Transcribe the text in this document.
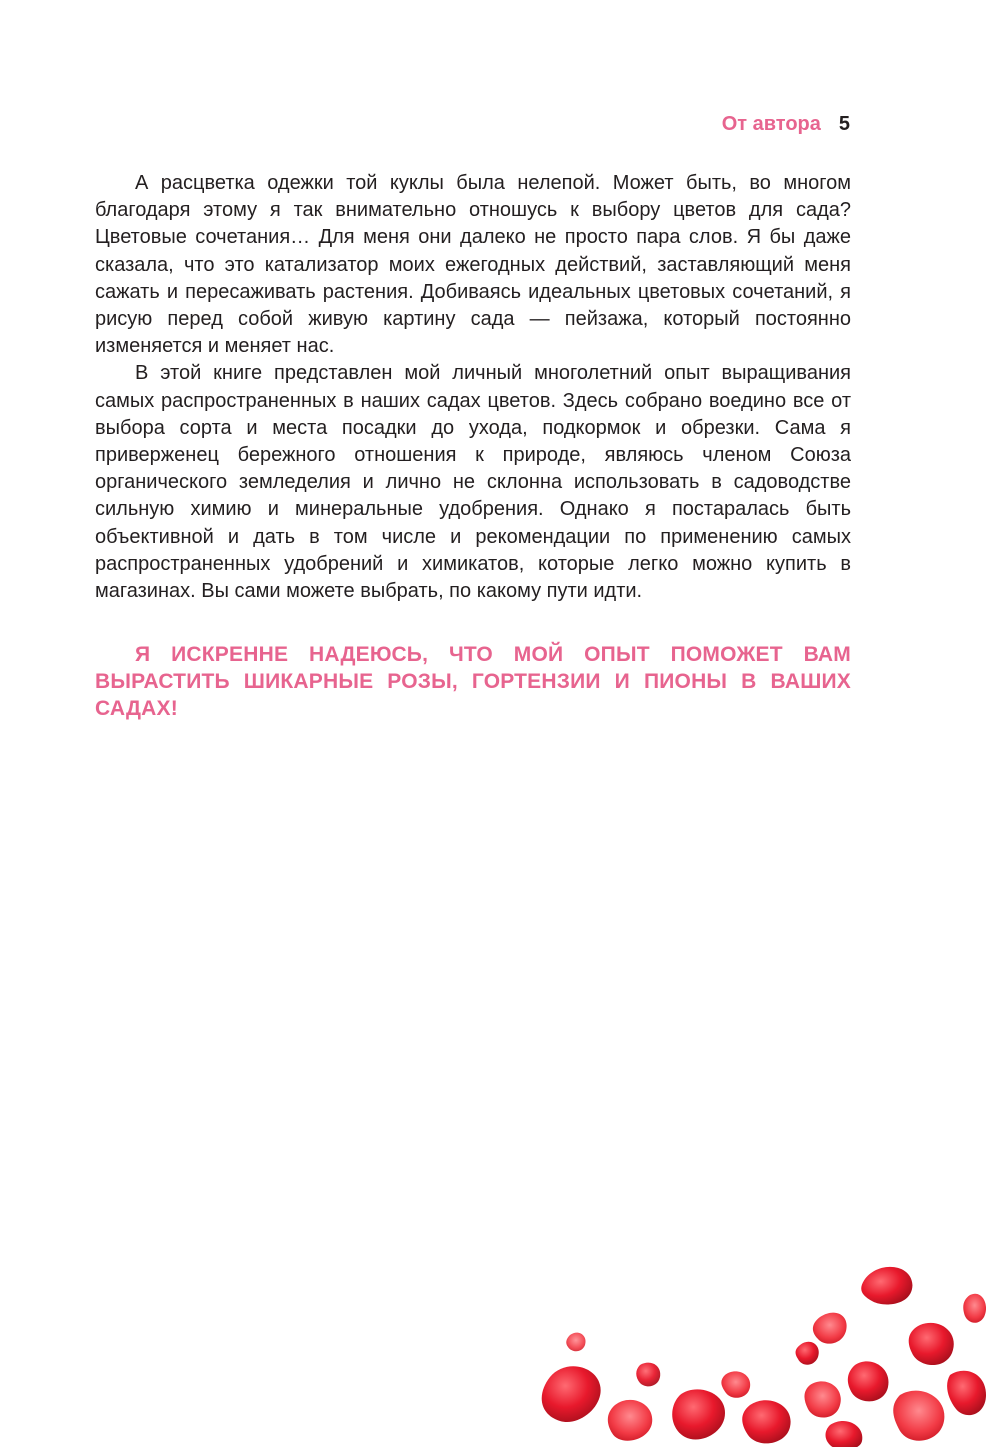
От автора 5

А расцветка одежки той куклы была нелепой. Может быть, во многом благодаря этому я так внимательно отношусь к выбору цветов для сада? Цветовые сочетания… Для меня они далеко не просто пара слов. Я бы даже сказала, что это катализатор моих ежегодных действий, заставляющий меня сажать и пересаживать растения. Добиваясь идеальных цветовых сочетаний, я рисую перед собой живую картину сада — пейзажа, который постоянно изменяется и меняет нас.

В этой книге представлен мой личный многолетний опыт выращивания самых распространенных в наших садах цветов. Здесь собрано воедино все от выбора сорта и места посадки до ухода, подкормок и обрезки. Сама я приверженец бережного отношения к природе, являюсь членом Союза органического земледелия и лично не склонна использовать в садоводстве сильную химию и минеральные удобрения. Однако я постаралась быть объективной и дать в том числе и рекомендации по применению самых распространенных удобрений и химикатов, которые легко можно купить в магазинах. Вы сами можете выбрать, по какому пути идти.

Я ИСКРЕННЕ НАДЕЮСЬ, ЧТО МОЙ ОПЫТ ПОМОЖЕТ ВАМ ВЫРАСТИТЬ ШИКАРНЫЕ РОЗЫ, ГОРТЕНЗИИ И ПИОНЫ В ВАШИХ САДАХ!
